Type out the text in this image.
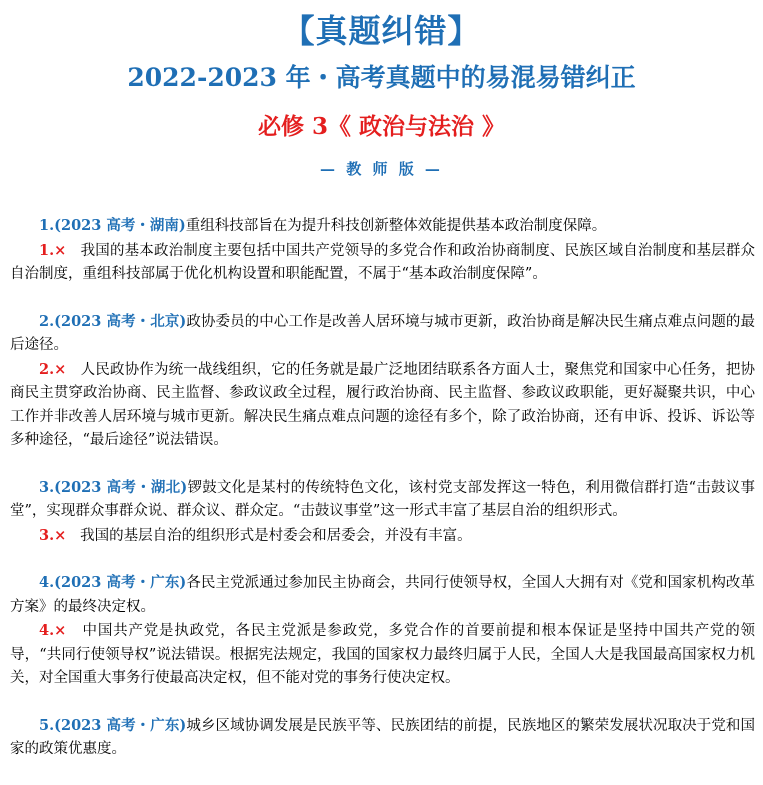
【真题纠错】
2022-2023 年・高考真题中的易混易错纠正
必修 3《 政治与法治 》
— 教 师 版 —
1.(2023 高考・湖南)重组科技部旨在为提升科技创新整体效能提供基本政治制度保障。
1.× 我国的基本政治制度主要包括中国共产党领导的多党合作和政治协商制度、民族区域自治制度和基层群众自治制度，重组科技部属于优化机构设置和职能配置，不属于“基本政治制度保障”。
2.(2023 高考・北京)政协委员的中心工作是改善人居环境与城市更新，政治协商是解决民生痛点难点问题的最后途径。
2.× 人民政协作为统一战线组织，它的任务就是最广泛地团结联系各方面人士，聚焦党和国家中心任务，把协商民主贯穿政治协商、民主监督、参政议政全过程，履行政治协商、民主监督、参政议政职能，更好凝聚共识，中心工作并非改善人居环境与城市更新。解决民生痛点难点问题的途径有多个，除了政治协商，还有申诉、投诉、诉讼等多种途径，“最后途径”说法错误。
3.(2023 高考・湖北)锣鼓文化是某村的传统特色文化，该村党支部发挥这一特色，利用微信群打造“击鼓议事堂”，实现群众事群众说、群众议、群众定。“击鼓议事堂”这一形式丰富了基层自治的组织形式。
3.× 我国的基层自治的组织形式是村委会和居委会，并没有丰富。
4.(2023 高考・广东)各民主党派通过参加民主协商会，共同行使领导权，全国人大拥有对《党和国家机构改革方案》的最终决定权。
4.× 中国共产党是执政党，各民主党派是参政党，多党合作的首要前提和根本保证是坚持中国共产党的领导，“共同行使领导权”说法错误。根据宪法规定，我国的国家权力最终归属于人民，全国人大是我国最高国家权力机关，对全国重大事务行使最高决定权，但不能对党的事务行使决定权。
5.(2023 高考・广东)城乡区域协调发展是民族平等、民族团结的前提，民族地区的繁荣发展状况取决于党和国家的政策优惠度。
